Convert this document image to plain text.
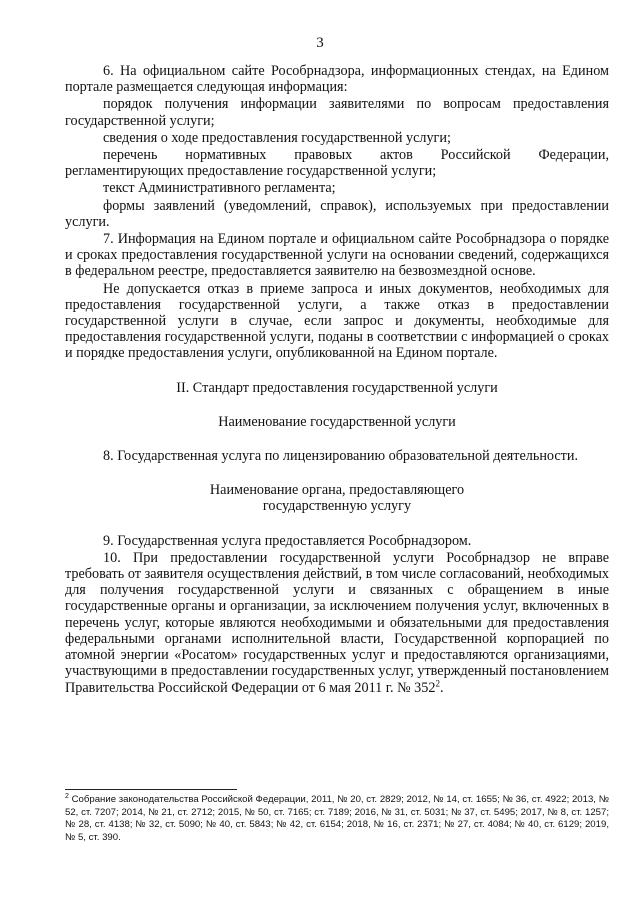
3

6. На официальном сайте Рособрнадзора, информационных стендах, на Едином портале размещается следующая информация:

порядок получения информации заявителями по вопросам предоставления государственной услуги;

сведения о ходе предоставления государственной услуги;

перечень нормативных правовых актов Российской Федерации, регламентирующих предоставление государственной услуги;

текст Административного регламента;

формы заявлений (уведомлений, справок), используемых при предоставлении услуги.

7. Информация на Едином портале и официальном сайте Рособрнадзора о порядке и сроках предоставления государственной услуги на основании сведений, содержащихся в федеральном реестре, предоставляется заявителю на безвозмездной основе.

Не допускается отказ в приеме запроса и иных документов, необходимых для предоставления государственной услуги, а также отказ в предоставлении государственной услуги в случае, если запрос и документы, необходимые для предоставления государственной услуги, поданы в соответствии с информацией о сроках и порядке предоставления услуги, опубликованной на Едином портале.

II. Стандарт предоставления государственной услуги

Наименование государственной услуги

8. Государственная услуга по лицензированию образовательной деятельности.

Наименование органа, предоставляющего

государственную услугу

9. Государственная услуга предоставляется Рособрнадзором.

10. При предоставлении государственной услуги Рособрнадзор не вправе требовать от заявителя осуществления действий, в том числе согласований, необходимых для получения государственной услуги и связанных с обращением в иные государственные органы и организации, за исключением получения услуг, включенных в перечень услуг, которые являются необходимыми и обязательными для предоставления федеральными органами исполнительной власти, Государственной корпорацией по атомной энергии «Росатом» государственных услуг и предоставляются организациями, участвующими в предоставлении государственных услуг, утвержденный постановлением Правительства Российской Федерации от 6 мая 2011 г. № $352^2$.

$^2$ Собрание законодательства Российской Федерации, 2011, № 20, ст. 2829; 2012, № 14, ст. 1655; № 36, ст. 4922; 2013, № 52, ст. 7207; 2014, № 21, ст. 2712; 2015, № 50, ст. 7165; ст. 7189; 2016, № 31, ст. 5031; № 37, ст. 5495; 2017, № 8, ст. 1257; № 28, ст. 4138; № 32, ст. 5090; № 40, ст. 5843; № 42, ст. 6154; 2018, № 16, ст. 2371; № 27, ст. 4084; № 40, ст. 6129; 2019, № 5, ст. 390.
